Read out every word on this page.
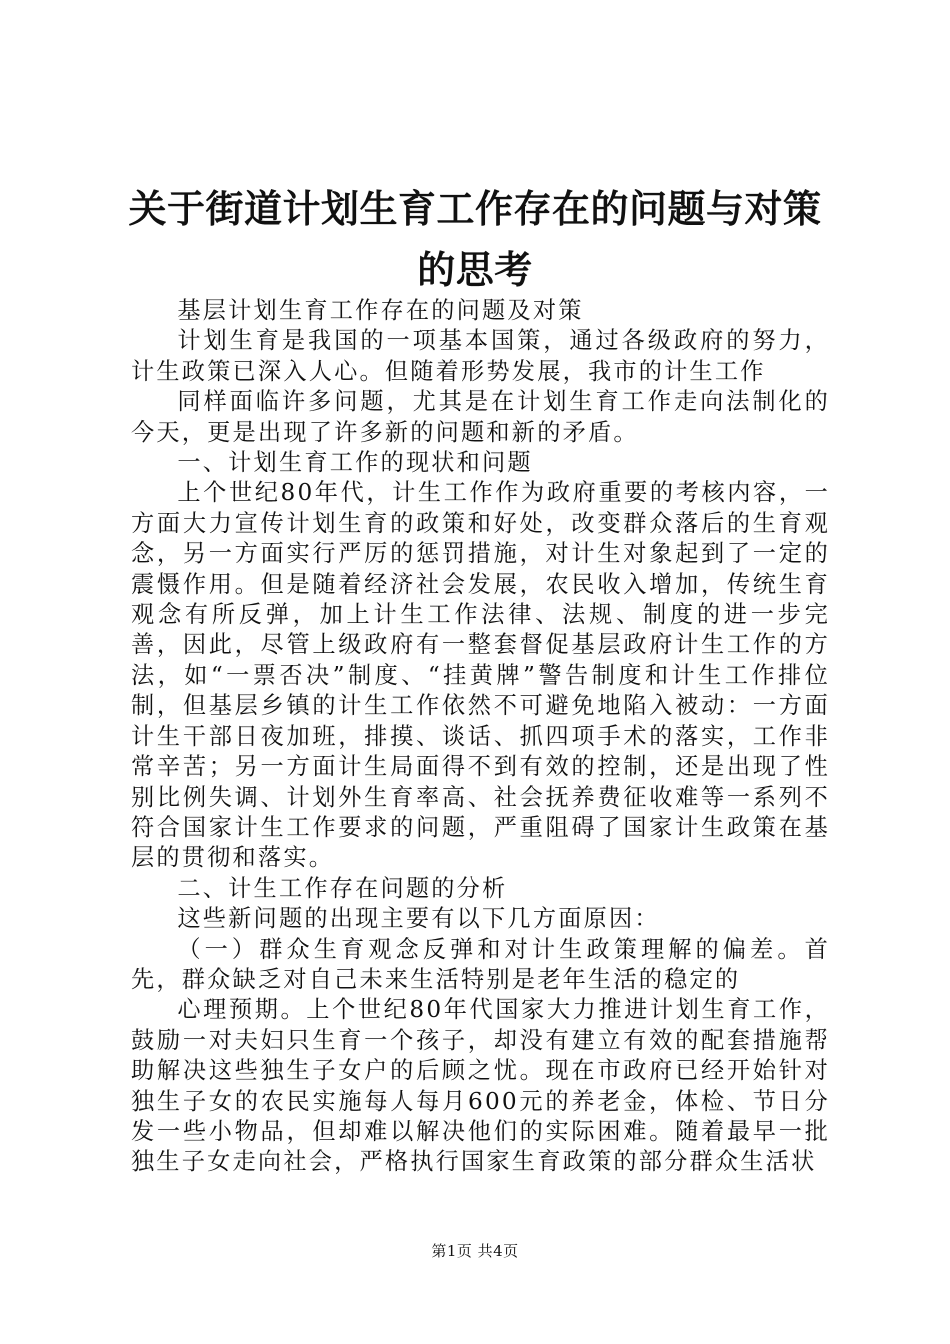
关于街道计划生育工作存在的问题与对策的思考

基层计划生育工作存在的问题及对策

计划生育是我国的一项基本国策，通过各级政府的努力，计生政策已深入人心。但随着形势发展，我市的计生工作

同样面临许多问题，尤其是在计划生育工作走向法制化的今天，更是出现了许多新的问题和新的矛盾。

一、计划生育工作的现状和问题

上个世纪80年代，计生工作作为政府重要的考核内容，一方面大力宣传计划生育的政策和好处，改变群众落后的生育观念，另一方面实行严厉的惩罚措施，对计生对象起到了一定的震慑作用。但是随着经济社会发展，农民收入增加，传统生育观念有所反弹，加上计生工作法律、法规、制度的进一步完善，因此，尽管上级政府有一整套督促基层政府计生工作的方法，如“一票否决”制度、“挂黄牌”警告制度和计生工作排位制，但基层乡镇的计生工作依然不可避免地陷入被动：一方面计生干部日夜加班，排摸、谈话、抓四项手术的落实，工作非常辛苦；另一方面计生局面得不到有效的控制，还是出现了性别比例失调、计划外生育率高、社会抚养费征收难等一系列不符合国家计生工作要求的问题，严重阻碍了国家计生政策在基层的贯彻和落实。

二、计生工作存在问题的分析

这些新问题的出现主要有以下几方面原因：

（一）群众生育观念反弹和对计生政策理解的偏差。首先，群众缺乏对自己未来生活特别是老年生活的稳定的

心理预期。上个世纪80年代国家大力推进计划生育工作，鼓励一对夫妇只生育一个孩子，却没有建立有效的配套措施帮助解决这些独生子女户的后顾之忧。现在市政府已经开始针对独生子女的农民实施每人每月600元的养老金，体检、节日分发一些小物品，但却难以解决他们的实际困难。随着最早一批独生子女走向社会，严格执行国家生育政策的部分群众生活状

第1页 共4页
